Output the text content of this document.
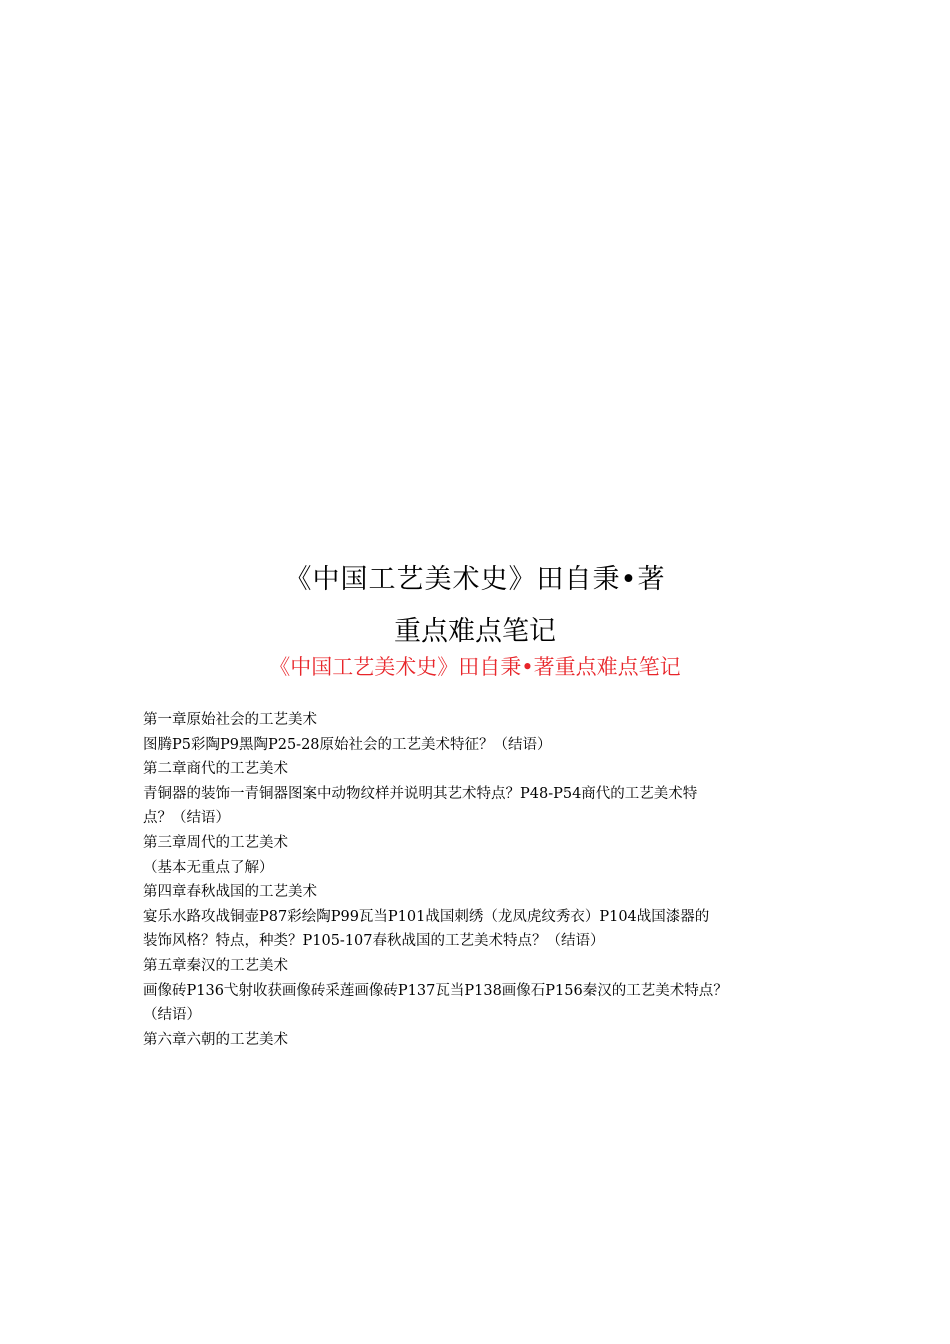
《中国工艺美术史》田自秉•著
重点难点笔记
《中国工艺美术史》田自秉•著重点难点笔记

第一章原始社会的工艺美术

图腾P5彩陶P9黑陶P25-28原始社会的工艺美术特征？（结语）

第二章商代的工艺美术

青铜器的装饰一青铜器图案中动物纹样并说明其艺术特点？P48-P54商代的工艺美术特

点？（结语）

第三章周代的工艺美术

（基本无重点了解）

第四章春秋战国的工艺美术

宴乐水路攻战铜壶P87彩绘陶P99瓦当P101战国刺绣（龙凤虎纹秀衣）P104战国漆器的

装饰风格？特点，种类？P105-107春秋战国的工艺美术特点？（结语）

第五章秦汉的工艺美术

画像砖P136弋射收获画像砖采莲画像砖P137瓦当P138画像石P156秦汉的工艺美术特点？

（结语）

第六章六朝的工艺美术
